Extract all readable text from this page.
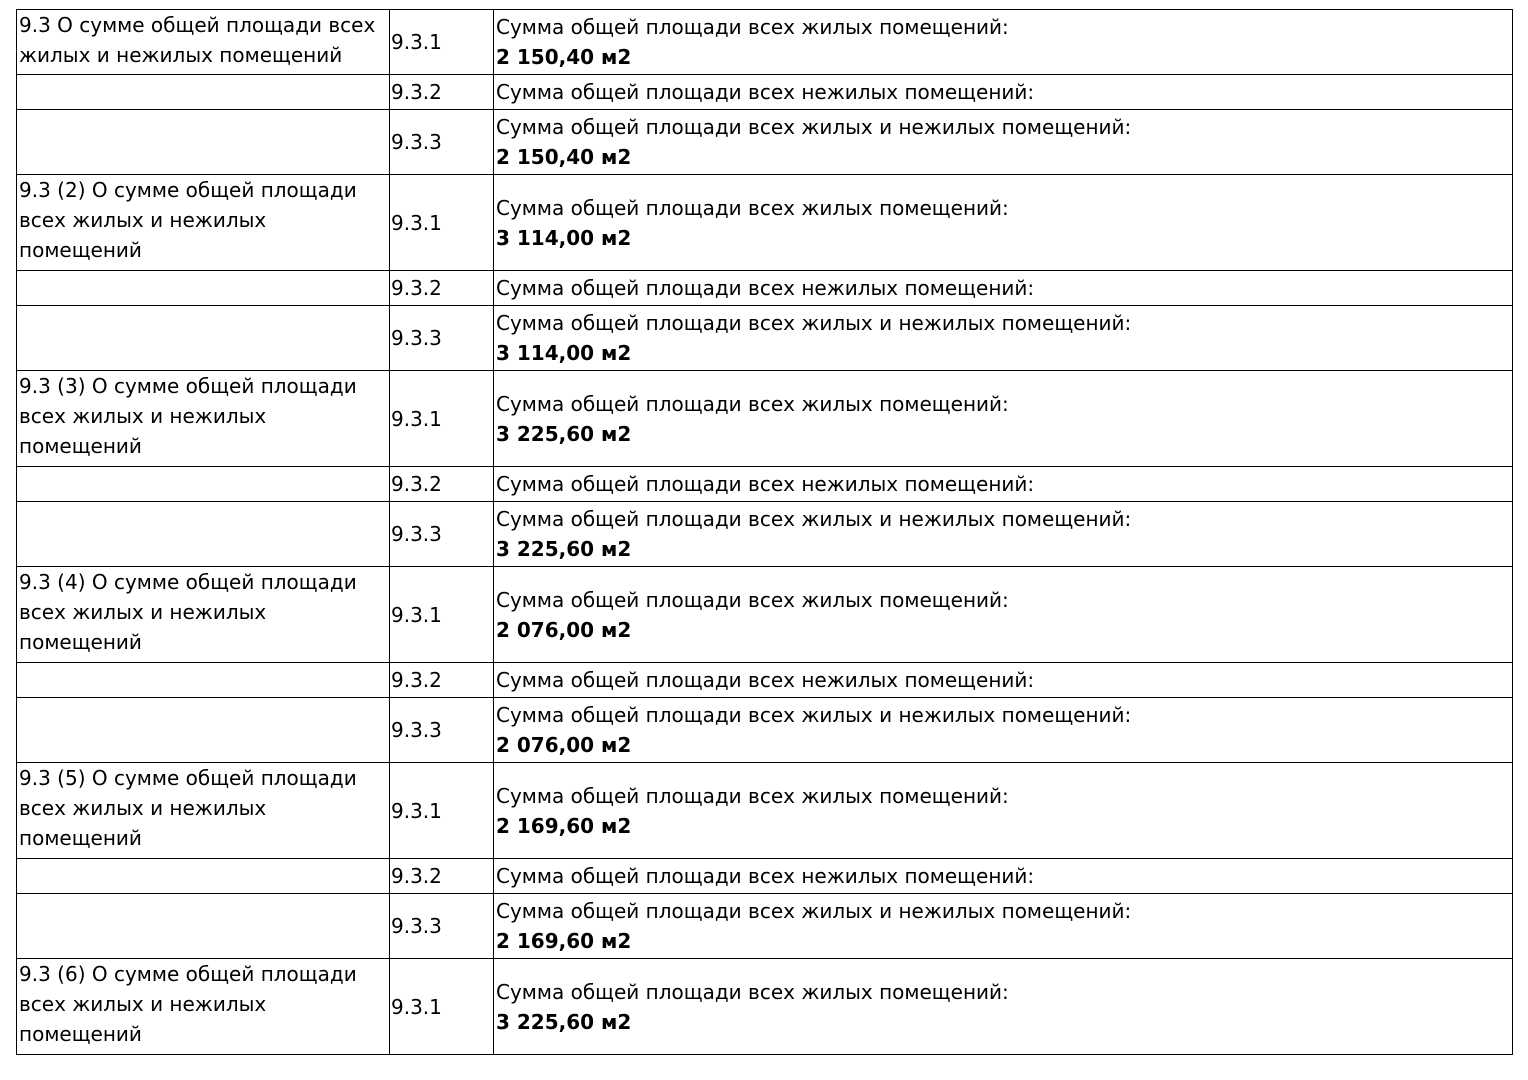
9.3 О сумме общей площади всех жилых и нежилых помещений	9.3.1	Сумма общей площади всех жилых помещений:
2 150,40 м2

	9.3.2	Сумма общей площади всех нежилых помещений:

	9.3.3	Сумма общей площади всех жилых и нежилых помещений:
2 150,40 м2

9.3 (2) О сумме общей площади всех жилых и нежилых помещений	9.3.1	Сумма общей площади всех жилых помещений:
3 114,00 м2

	9.3.2	Сумма общей площади всех нежилых помещений:

	9.3.3	Сумма общей площади всех жилых и нежилых помещений:
3 114,00 м2

9.3 (3) О сумме общей площади всех жилых и нежилых помещений	9.3.1	Сумма общей площади всех жилых помещений:
3 225,60 м2

	9.3.2	Сумма общей площади всех нежилых помещений:

	9.3.3	Сумма общей площади всех жилых и нежилых помещений:
3 225,60 м2

9.3 (4) О сумме общей площади всех жилых и нежилых помещений	9.3.1	Сумма общей площади всех жилых помещений:
2 076,00 м2

	9.3.2	Сумма общей площади всех нежилых помещений:

	9.3.3	Сумма общей площади всех жилых и нежилых помещений:
2 076,00 м2

9.3 (5) О сумме общей площади всех жилых и нежилых помещений	9.3.1	Сумма общей площади всех жилых помещений:
2 169,60 м2

	9.3.2	Сумма общей площади всех нежилых помещений:

	9.3.3	Сумма общей площади всех жилых и нежилых помещений:
2 169,60 м2

9.3 (6) О сумме общей площади всех жилых и нежилых помещений	9.3.1	Сумма общей площади всех жилых помещений:
3 225,60 м2
